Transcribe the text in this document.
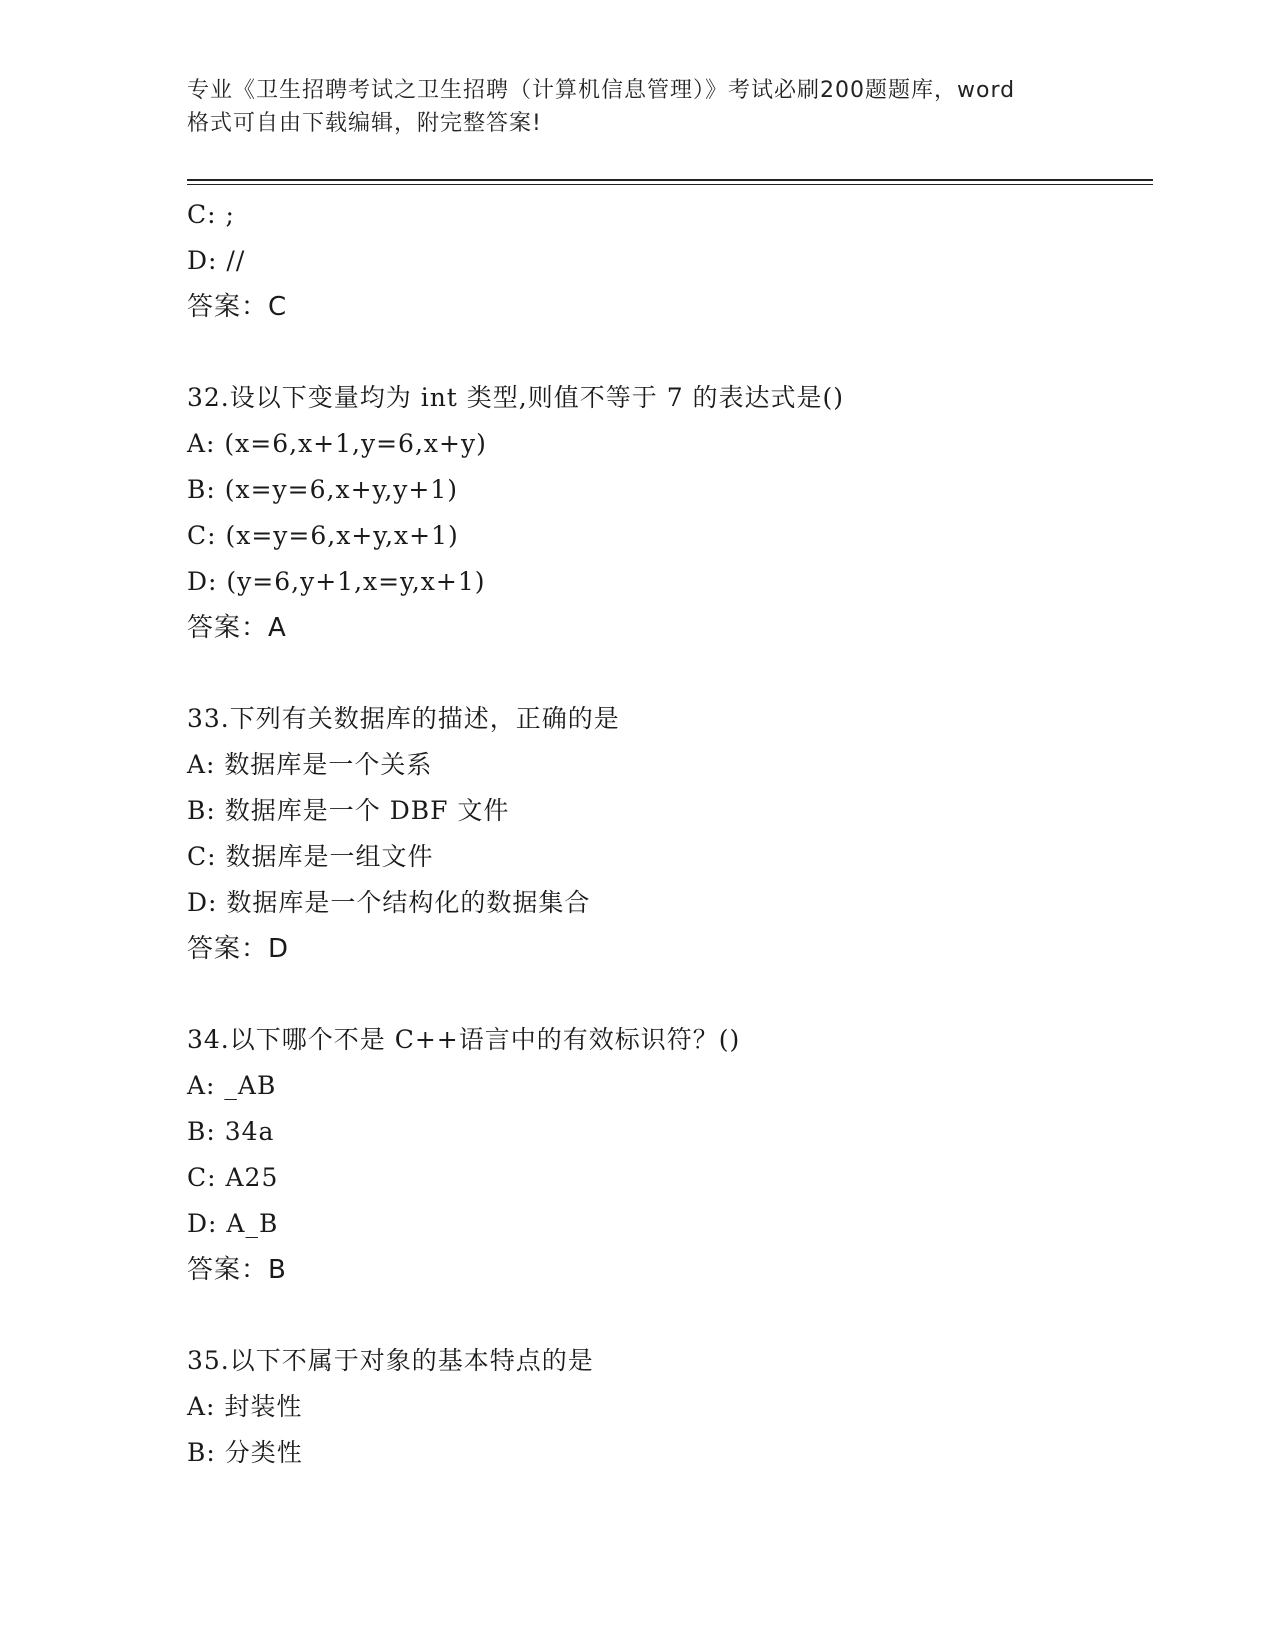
专业《卫生招聘考试之卫生招聘（计算机信息管理）》考试必刷200题题库，word
格式可自由下载编辑，附完整答案!
C: ;
D: //
答案：C
32.设以下变量均为 int 类型,则值不等于 7 的表达式是()
A: (x=6,x+1,y=6,x+y)
B: (x=y=6,x+y,y+1)
C: (x=y=6,x+y,x+1)
D: (y=6,y+1,x=y,x+1)
答案：A
33.下列有关数据库的描述，正确的是
A: 数据库是一个关系
B: 数据库是一个 DBF 文件
C: 数据库是一组文件
D: 数据库是一个结构化的数据集合
答案：D
34.以下哪个不是 C++语言中的有效标识符？()
A: _AB
B: 34a
C: A25
D: A_B
答案：B
35.以下不属于对象的基本特点的是
A: 封装性
B: 分类性
